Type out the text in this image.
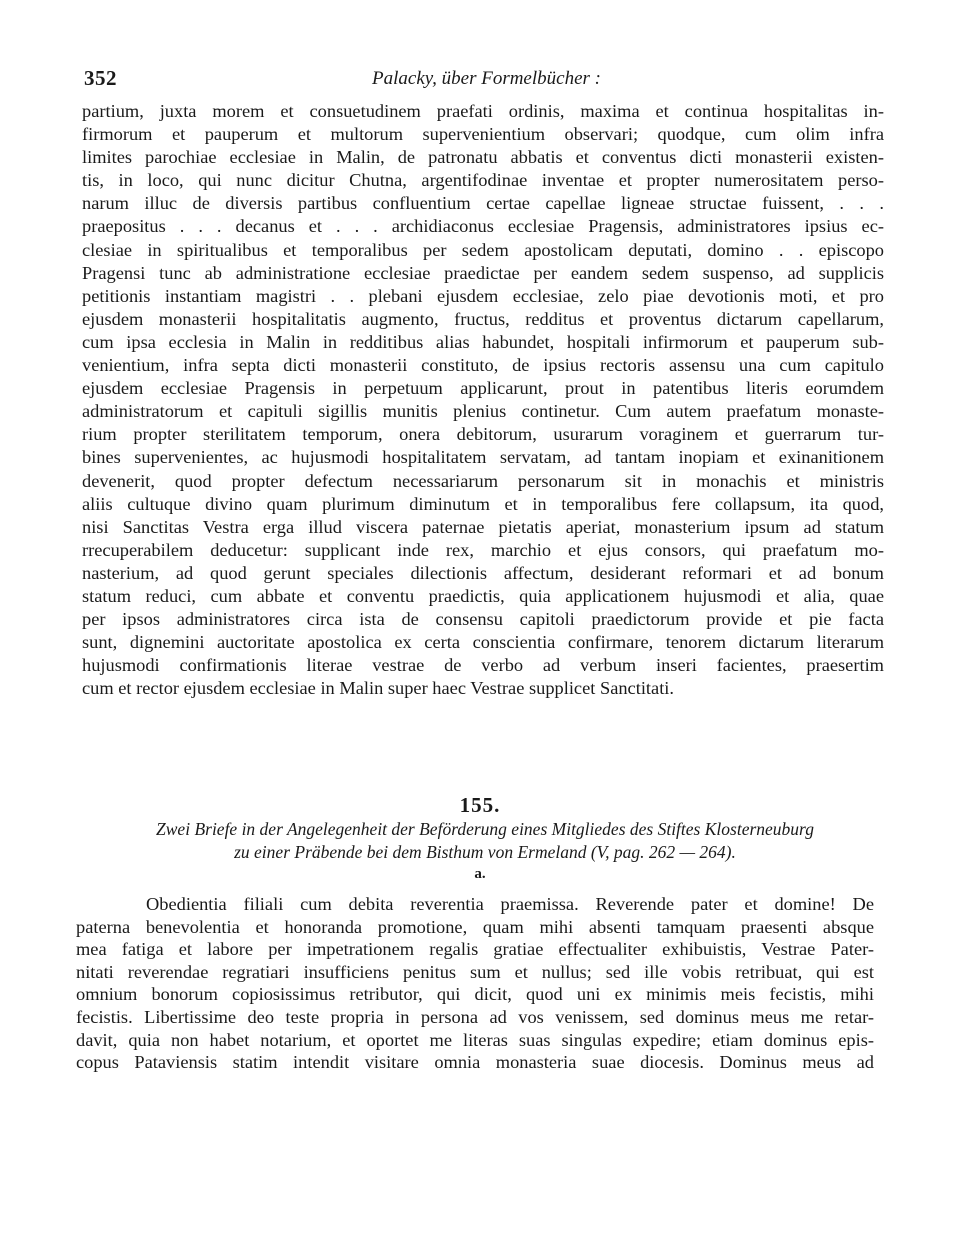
352	Palacky, über Formelbücher :
partium, juxta morem et consuetudinem praefati ordinis, maxima et continua hospitalitas in-
firmorum et pauperum et multorum supervenientium observari; quodque, cum olim infra
limites parochiae ecclesiae in Malin, de patronatu abbatis et conventus dicti monasterii existen-
tis, in loco, qui nunc dicitur Chutna, argentifodinae inventae et propter numerositatem perso-
narum illuc de diversis partibus confluentium certae capellae ligneae structae fuissent, . . .
praepositus . . . decanus et . . . archidiaconus ecclesiae Pragensis, administratores ipsius ec-
clesiae in spiritualibus et temporalibus per sedem apostolicam deputati, domino . . episcopo
Pragensi tunc ab administratione ecclesiae praedictae per eandem sedem suspenso, ad supplicis
petitionis instantiam magistri . . plebani ejusdem ecclesiae, zelo piae devotionis moti, et pro
ejusdem monasterii hospitalitatis augmento, fructus, redditus et proventus dictarum capellarum,
cum ipsa ecclesia in Malin in redditibus alias habundet, hospitali infirmorum et pauperum sub-
venientium, infra septa dicti monasterii constituto, de ipsius rectoris assensu una cum capitulo
ejusdem ecclesiae Pragensis in perpetuum applicarunt, prout in patentibus literis eorumdem
administratorum et capituli sigillis munitis plenius continetur. Cum autem praefatum monaste-
rium propter sterilitatem temporum, onera debitorum, usurarum voraginem et guerrarum tur-
bines supervenientes, ac hujusmodi hospitalitatem servatam, ad tantam inopiam et exinanitionem
devenerit, quod propter defectum necessariarum personarum sit in monachis et ministris
aliis cultuque divino quam plurimum diminutum et in temporalibus fere collapsum, ita quod,
nisi Sanctitas Vestra erga illud viscera paternae pietatis aperiat, monasterium ipsum ad statum
rrecuperabilem deducetur: supplicant inde rex, marchio et ejus consors, qui praefatum mo-
nasterium, ad quod gerunt speciales dilectionis affectum, desiderant reformari et ad bonum
statum reduci, cum abbate et conventu praedictis, quia applicationem hujusmodi et alia, quae
per ipsos administratores circa ista de consensu capitoli praedictorum provide et pie facta
sunt, dignemini auctoritate apostolica ex certa conscientia confirmare, tenorem dictarum literarum
hujusmodi confirmationis literae vestrae de verbo ad verbum inseri facientes, praesertim
cum et rector ejusdem ecclesiae in Malin super haec Vestrae supplicet Sanctitati.
155.
Zwei Briefe in der Angelegenheit der Beförderung eines Mitgliedes des Stiftes Klosterneuburg
zu einer Präbende bei dem Bisthum von Ermeland (V, pag. 262 — 264).
a.
Obedientia filiali cum debita reverentia praemissa. Reverende pater et domine! De
paterna benevolentia et honoranda promotione, quam mihi absenti tamquam praesenti absque
mea fatiga et labore per impetrationem regalis gratiae effectualiter exhibuistis, Vestrae Pater-
nitati reverendae regratiari insufficiens penitus sum et nullus; sed ille vobis retribuat, qui est
omnium bonorum copiosissimus retributor, qui dicit, quod uni ex minimis meis fecistis, mihi
fecistis. Libertissime deo teste propria in persona ad vos venissem, sed dominus meus me retar-
davit, quia non habet notarium, et oportet me literas suas singulas expedire; etiam dominus epis-
copus Pataviensis statim intendit visitare omnia monasteria suae diocesis. Dominus meus ad
